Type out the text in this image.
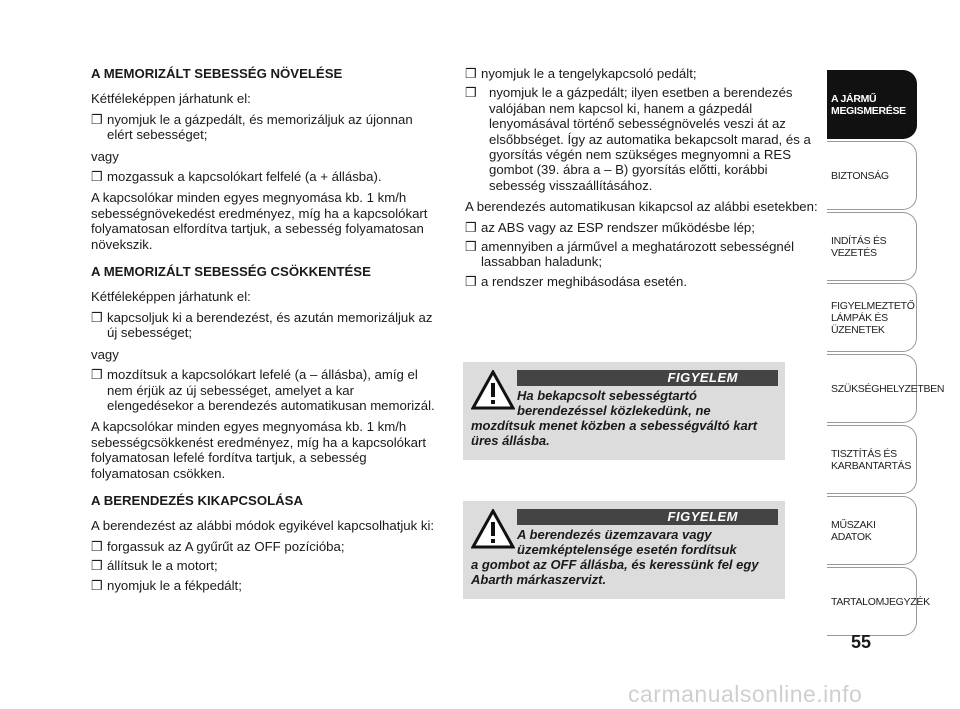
A MEMORIZÁLT SEBESSÉG NÖVELÉSE
Kétféleképpen járhatunk el:
❒ nyomjuk le a gázpedált, és memorizáljuk az újonnan elért sebességet;
vagy
❒ mozgassuk a kapcsolókart felfelé (a + állásba).
A kapcsolókar minden egyes megnyomása kb. 1 km/h sebességnövekedést eredményez, míg ha a kapcsolókart folyamatosan elfordítva tartjuk, a sebesség folyamatosan növekszik.
A MEMORIZÁLT SEBESSÉG CSÖKKENTÉSE
Kétféleképpen járhatunk el:
❒ kapcsoljuk ki a berendezést, és azután memorizáljuk az új sebességet;
vagy
❒ mozdítsuk a kapcsolókart lefelé (a – állásba), amíg el nem érjük az új sebességet, amelyet a kar elengedésekor a berendezés automatikusan memorizál.
A kapcsolókar minden egyes megnyomása kb. 1 km/h sebességcsökkenést eredményez, míg ha a kapcsolókart folyamatosan lefelé fordítva tartjuk, a sebesség folyamatosan csökken.
A BERENDEZÉS KIKAPCSOLÁSA
A berendezést az alábbi módok egyikével kapcsolhatjuk ki:
❒ forgassuk az A gyűrűt az OFF pozícióba;
❒ állítsuk le a motort;
❒ nyomjuk le a fékpedált;
❒ nyomjuk le a tengelykapcsoló pedált;
❒ nyomjuk le a gázpedált; ilyen esetben a berendezés valójában nem kapcsol ki, hanem a gázpedál lenyomásával történő sebességnövelés veszi át az elsőbbséget. Így az automatika bekapcsolt marad, és a gyorsítás végén nem szükséges megnyomni a RES gombot (39. ábra a – B) gyorsítás előtti, korábbi sebesség visszaállításához.
A berendezés automatikusan kikapcsol az alábbi esetekben:
❒ az ABS vagy az ESP rendszer működésbe lép;
❒ amennyiben a járművel a meghatározott sebességnél lassabban haladunk;
❒ a rendszer meghibásodása esetén.
FIGYELEM
Ha bekapcsolt sebességtartó
berendezéssel közlekedünk, ne
mozdítsuk menet közben a sebességváltó kart üres állásba.
FIGYELEM
A berendezés üzemzavara vagy
üzemképtelensége esetén fordítsuk
a gombot az OFF állásba, és keressünk fel egy Abarth márkaszervizt.
A JÁRMŰ MEGISMERÉSE
BIZTONSÁG
INDÍTÁS ÉS VEZETÉS
FIGYELMEZTETŐ LÁMPÁK ÉS ÜZENETEK
SZÜKSÉGHELYZETBEN
TISZTÍTÁS ÉS KARBANTARTÁS
MŰSZAKI ADATOK
TARTALOMJEGYZÉK
55
carmanualsonline.info
